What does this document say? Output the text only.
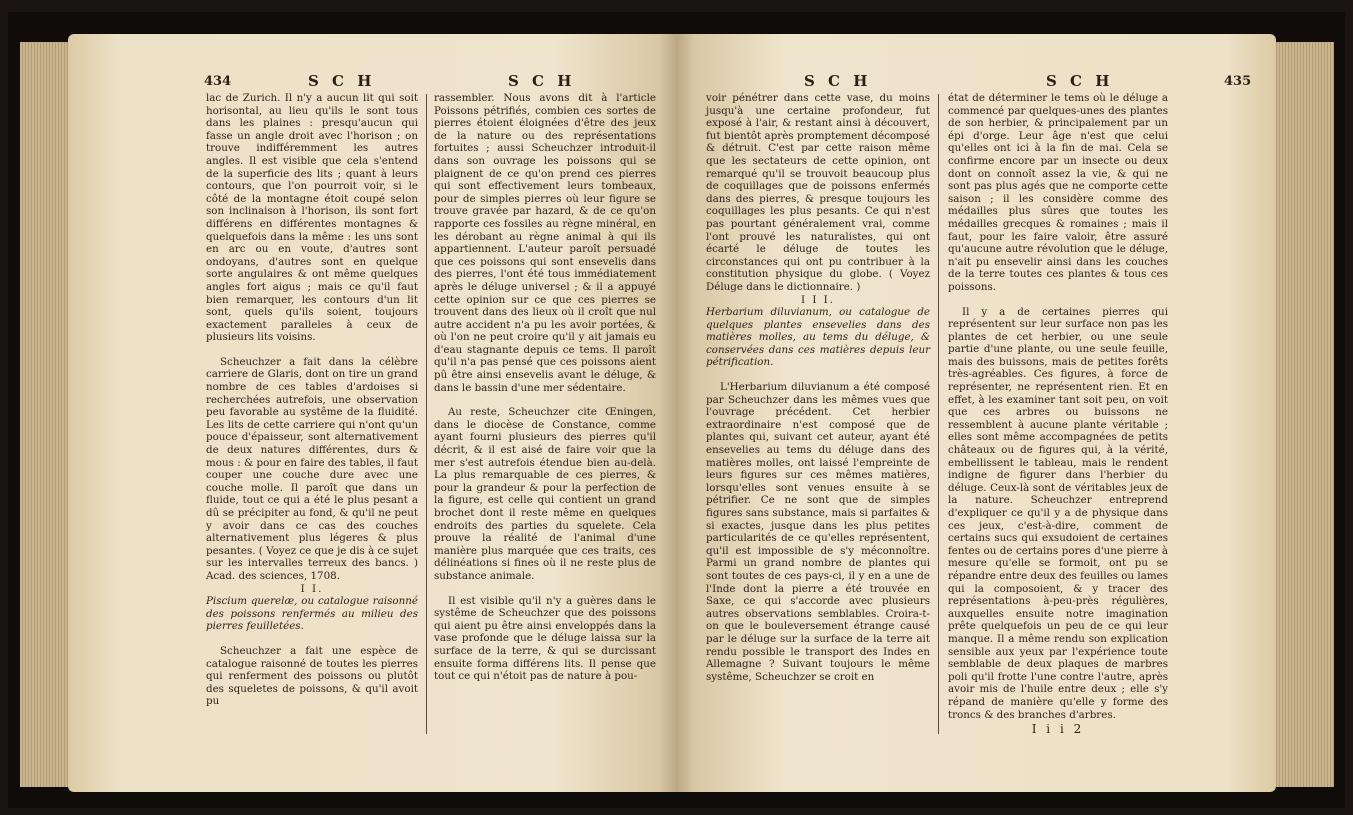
434	S C H	S C H

lac de Zurich. Il n'y a aucun lit qui soit horisontal, au lieu qu'ils le sont tous dans les plaines : presqu'aucun qui fasse un angle droit avec l'horison ; on trouve indifféremment les autres angles. Il est visible que cela s'entend de la superficie des lits ; quant à leurs contours, que l'on pourroit voir, si le côté de la montagne étoit coupé selon son inclinaison à l'horison, ils sont fort différens en différentes montagnes & quelquefois dans la même : les uns sont en arc ou en voute, d'autres sont ondoyans, d'autres sont en quelque sorte angulaires & ont même quelques angles fort aigus ; mais ce qu'il faut bien remarquer, les contours d'un lit sont, quels qu'ils soient, toujours exactement paralleles à ceux de plusieurs lits voisins.

Scheuchzer a fait dans la célèbre carriere de Glaris, dont on tire un grand nombre de ces tables d'ardoises si recherchées autrefois, une observation peu favorable au systême de la fluidité. Les lits de cette carriere qui n'ont qu'un pouce d'épaisseur, sont alternativement de deux natures différentes, durs & mous : & pour en faire des tables, il faut couper une couche dure avec une couche molle. Il paroît que dans un fluide, tout ce qui a été le plus pesant a dû se précipiter au fond, & qu'il ne peut y avoir dans ce cas des couches alternativement plus légeres & plus pesantes. ( Voyez ce que je dis à ce sujet sur les intervalles terreux des bancs. ) Acad. des sciences, 1708.

I I.

Piscium querelæ, ou catalogue raisonné des poissons renfermés au milieu des pierres feuilletées.

Scheuchzer a fait une espèce de catalogue raisonné de toutes les pierres qui renferment des poissons ou plutôt des squeletes de poissons, & qu'il avoit pu

rassembler. Nous avons dit à l'article Poissons pétrifiés, combien ces sortes de pierres étoient éloignées d'être des jeux de la nature ou des représentations fortuites ; aussi Scheuchzer introduit-il dans son ouvrage les poissons qui se plaignent de ce qu'on prend ces pierres qui sont effectivement leurs tombeaux, pour de simples pierres où leur figure se trouve gravée par hazard, & de ce qu'on rapporte ces fossiles au règne minéral, en les dérobant au règne animal à qui ils appartiennent. L'auteur paroît persuadé que ces poissons qui sont ensevelis dans des pierres, l'ont été tous immédiatement après le déluge universel ; & il a appuyé cette opinion sur ce que ces pierres se trouvent dans des lieux où il croît que nul autre accident n'a pu les avoir portées, & où l'on ne peut croire qu'il y ait jamais eu d'eau stagnante depuis ce tems. Il paroît qu'il n'a pas pensé que ces poissons aient pû être ainsi ensevelis avant le déluge, & dans le bassin d'une mer sédentaire.

Au reste, Scheuchzer cite Œningen, dans le diocèse de Constance, comme ayant fourni plusieurs des pierres qu'il décrit, & il est aisé de faire voir que la mer s'est autrefois étendue bien au-delà. La plus remarquable de ces pierres, & pour la grandeur & pour la perfection de la figure, est celle qui contient un grand brochet dont il reste même en quelques endroits des parties du squelete. Cela prouve la réalité de l'animal d'une manière plus marquée que ces traits, ces délinéations si fines où il ne reste plus de substance animale.

Il est visible qu'il n'y a guères dans le systême de Scheuchzer que des poissons qui aient pu être ainsi enveloppés dans la vase profonde que le déluge laissa sur la surface de la terre, & qui se durcissant ensuite forma différens lits. Il pense que tout ce qui n'étoit pas de nature à pou-

S C H	S C H	435

voir pénétrer dans cette vase, du moins jusqu'à une certaine profondeur, fut exposé à l'air, & restant ainsi à découvert, fut bientôt après promptement décomposé & détruit. C'est par cette raison même que les sectateurs de cette opinion, ont remarqué qu'il se trouvoit beaucoup plus de coquillages que de poissons enfermés dans des pierres, & presque toujours les coquillages les plus pesants. Ce qui n'est pas pourtant généralement vrai, comme l'ont prouvé les naturalistes, qui ont écarté le déluge de toutes les circonstances qui ont pu contribuer à la constitution physique du globe. ( Voyez Déluge dans le dictionnaire. )

I I I.

Herbarium diluvianum, ou catalogue de quelques plantes ensevelies dans des matières molles, au tems du déluge, & conservées dans ces matières depuis leur pétrification.

L'Herbarium diluvianum a été composé par Scheuchzer dans les mêmes vues que l'ouvrage précédent. Cet herbier extraordinaire n'est composé que de plantes qui, suivant cet auteur, ayant été ensevelies au tems du déluge dans des matières molles, ont laissé l'empreinte de leurs figures sur ces mêmes matières, lorsqu'elles sont venues ensuite à se pétrifier. Ce ne sont que de simples figures sans substance, mais si parfaites & si exactes, jusque dans les plus petites particularités de ce qu'elles représentent, qu'il est impossible de s'y méconnoître. Parmi un grand nombre de plantes qui sont toutes de ces pays-ci, il y en a une de l'Inde dont la pierre a été trouvée en Saxe, ce qui s'accorde avec plusieurs autres observations semblables. Croira-t-on que le bouleversement étrange causé par le déluge sur la surface de la terre ait rendu possible le transport des Indes en Allemagne ? Suivant toujours le même systême, Scheuchzer se croit en

état de déterminer le tems où le déluge a commencé par quelques-unes des plantes de son herbier, & principalement par un épi d'orge. Leur âge n'est que celui qu'elles ont ici à la fin de mai. Cela se confirme encore par un insecte ou deux dont on connoît assez la vie, & qui ne sont pas plus agés que ne comporte cette saison ; il les considère comme des médailles plus sûres que toutes les médailles grecques & romaines ; mais il faut, pour les faire valoir, être assuré qu'aucune autre révolution que le déluge, n'ait pu ensevelir ainsi dans les couches de la terre toutes ces plantes & tous ces poissons.

Il y a de certaines pierres qui représentent sur leur surface non pas les plantes de cet herbier, ou une seule partie d'une plante, ou une seule feuille, mais des buissons, mais de petites forêts très-agréables. Ces figures, à force de représenter, ne représentent rien. Et en effet, à les examiner tant soit peu, on voit que ces arbres ou buissons ne ressemblent à aucune plante véritable ; elles sont même accompagnées de petits châteaux ou de figures qui, à la vérité, embellissent le tableau, mais le rendent indigne de figurer dans l'herbier du déluge. Ceux-là sont de véritables jeux de la nature. Scheuchzer entreprend d'expliquer ce qu'il y a de physique dans ces jeux, c'est-à-dire, comment de certains sucs qui exsudoient de certaines fentes ou de certains pores d'une pierre à mesure qu'elle se formoit, ont pu se répandre entre deux des feuilles ou lames qui la composoient, & y tracer des représentations à-peu-près régulières, auxquelles ensuite notre imagination prête quelquefois un peu de ce qui leur manque. Il a même rendu son explication sensible aux yeux par l'expérience toute semblable de deux plaques de marbres poli qu'il frotte l'une contre l'autre, après avoir mis de l'huile entre deux ; elle s'y répand de manière qu'elle y forme des troncs & des branches d'arbres.

I i i 2
